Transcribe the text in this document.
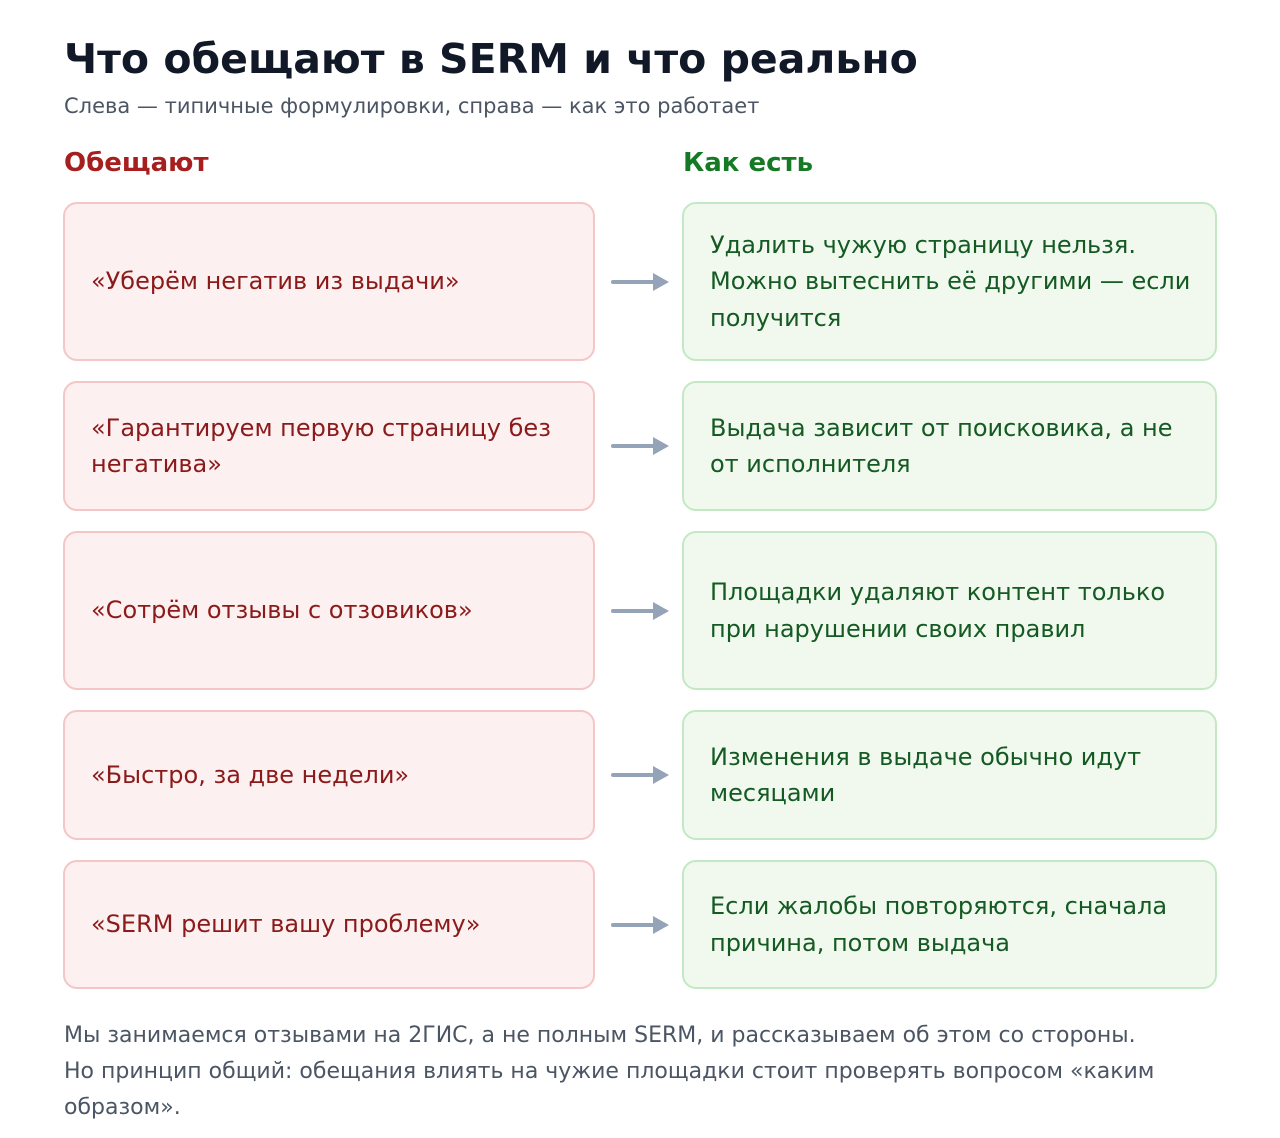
Что обещают в SERM и что реально
Слева — типичные формулировки, справа — как это работает
Обещают	Как есть
«Уберём негатив из выдачи»
Удалить чужую страницу нельзя. Можно вытеснить её другими — если получится
«Гарантируем первую страницу без негатива»
Выдача зависит от поисковика, а не от исполнителя
«Сотрём отзывы с отзовиков»
Площадки удаляют контент только при нарушении своих правил
«Быстро, за две недели»
Изменения в выдаче обычно идут месяцами
«SERM решит вашу проблему»
Если жалобы повторяются, сначала причина, потом выдача

Мы занимаемся отзывами на 2ГИС, а не полным SERM, и рассказываем об этом со стороны.

Но принцип общий: обещания влиять на чужие площадки стоит проверять вопросом «каким образом».
